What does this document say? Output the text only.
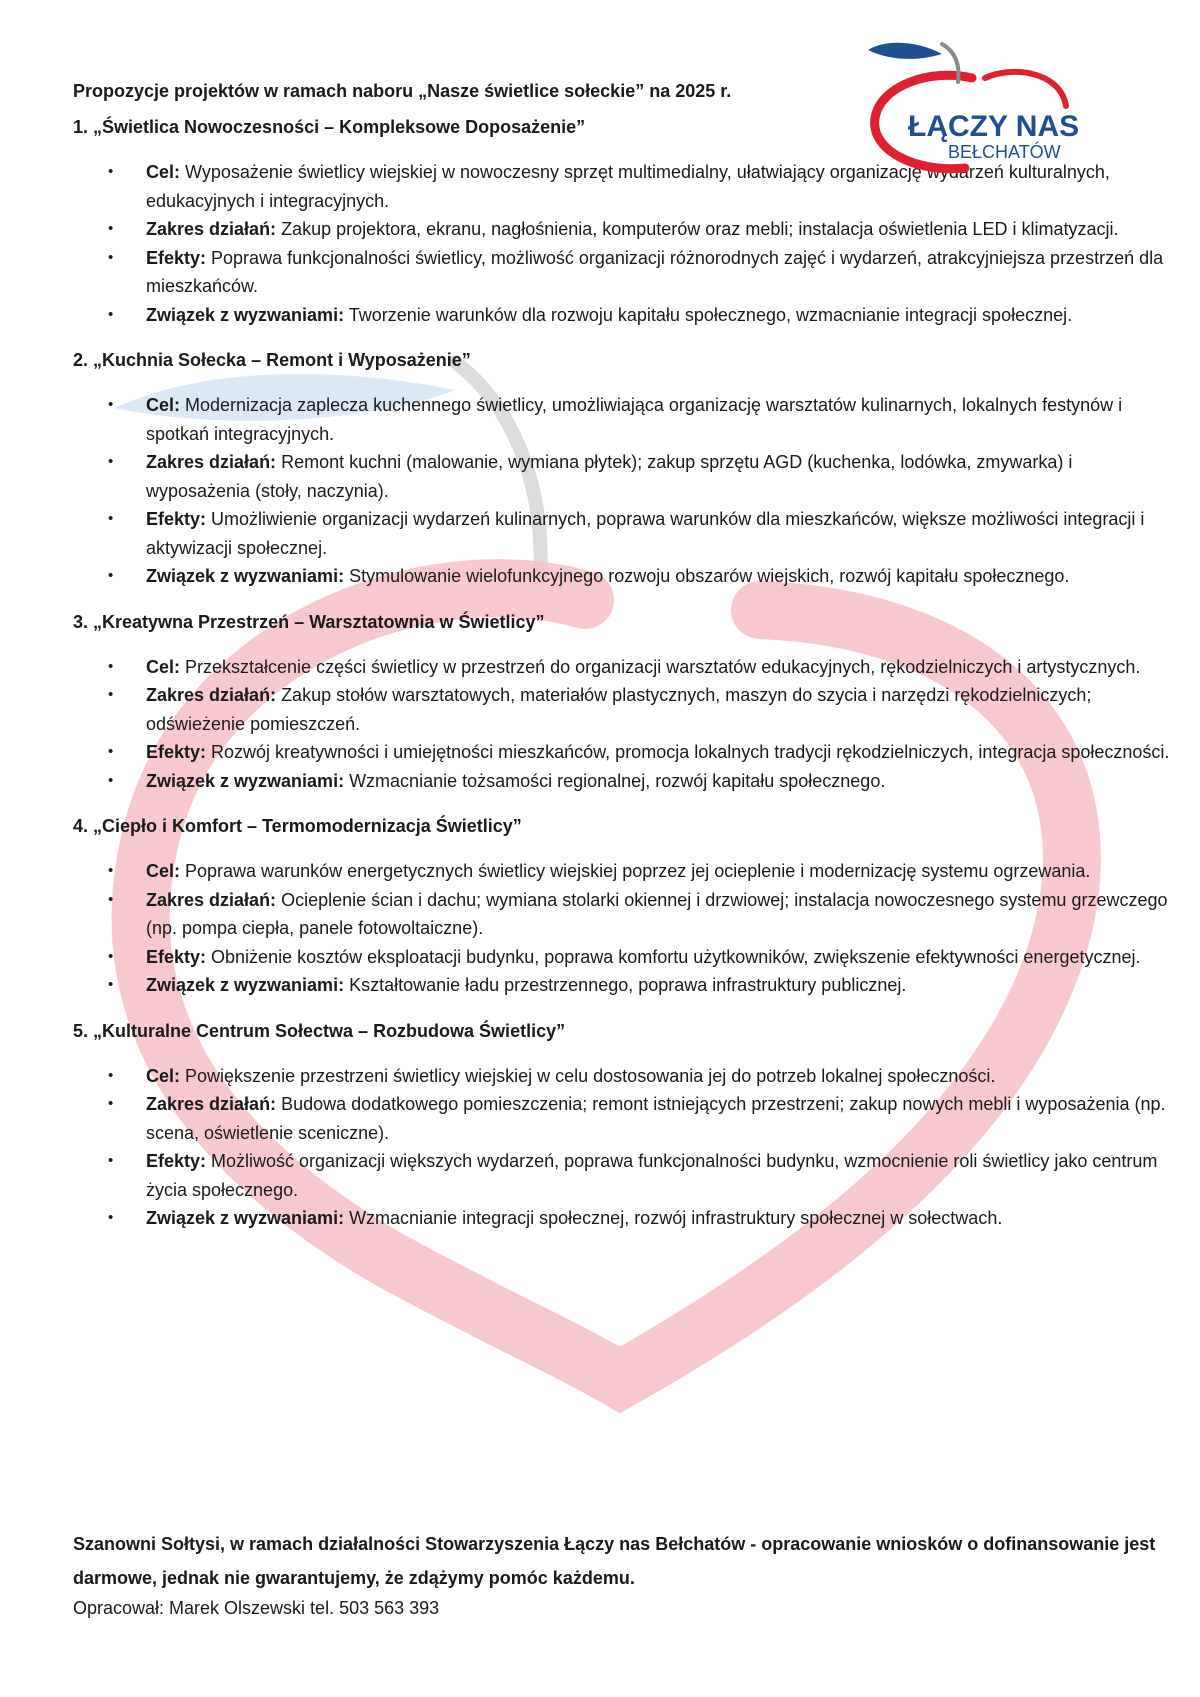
ŁĄCZY NAS
BEŁCHATÓW
Propozycje projektów w ramach naboru „Nasze świetlice sołeckie” na 2025 r.
1. „Świetlica Nowoczesności – Kompleksowe Doposażenie”
• Cel: Wyposażenie świetlicy wiejskiej w nowoczesny sprzęt multimedialny, ułatwiający organizację wydarzeń kulturalnych, edukacyjnych i integracyjnych.
• Zakres działań: Zakup projektora, ekranu, nagłośnienia, komputerów oraz mebli; instalacja oświetlenia LED i klimatyzacji.
• Efekty: Poprawa funkcjonalności świetlicy, możliwość organizacji różnorodnych zajęć i wydarzeń, atrakcyjniejsza przestrzeń dla mieszkańców.
• Związek z wyzwaniami: Tworzenie warunków dla rozwoju kapitału społecznego, wzmacnianie integracji społecznej.
2. „Kuchnia Sołecka – Remont i Wyposażenie”
• Cel: Modernizacja zaplecza kuchennego świetlicy, umożliwiająca organizację warsztatów kulinarnych, lokalnych festynów i spotkań integracyjnych.
• Zakres działań: Remont kuchni (malowanie, wymiana płytek); zakup sprzętu AGD (kuchenka, lodówka, zmywarka) i wyposażenia (stoły, naczynia).
• Efekty: Umożliwienie organizacji wydarzeń kulinarnych, poprawa warunków dla mieszkańców, większe możliwości integracji i aktywizacji społecznej.
• Związek z wyzwaniami: Stymulowanie wielofunkcyjnego rozwoju obszarów wiejskich, rozwój kapitału społecznego.
3. „Kreatywna Przestrzeń – Warsztatownia w Świetlicy”
• Cel: Przekształcenie części świetlicy w przestrzeń do organizacji warsztatów edukacyjnych, rękodzielniczych i artystycznych.
• Zakres działań: Zakup stołów warsztatowych, materiałów plastycznych, maszyn do szycia i narzędzi rękodzielniczych; odświeżenie pomieszczeń.
• Efekty: Rozwój kreatywności i umiejętności mieszkańców, promocja lokalnych tradycji rękodzielniczych, integracja społeczności.
• Związek z wyzwaniami: Wzmacnianie tożsamości regionalnej, rozwój kapitału społecznego.
4. „Ciepło i Komfort – Termomodernizacja Świetlicy”
• Cel: Poprawa warunków energetycznych świetlicy wiejskiej poprzez jej ocieplenie i modernizację systemu ogrzewania.
• Zakres działań: Ocieplenie ścian i dachu; wymiana stolarki okiennej i drzwiowej; instalacja nowoczesnego systemu grzewczego (np. pompa ciepła, panele fotowoltaiczne).
• Efekty: Obniżenie kosztów eksploatacji budynku, poprawa komfortu użytkowników, zwiększenie efektywności energetycznej.
• Związek z wyzwaniami: Kształtowanie ładu przestrzennego, poprawa infrastruktury publicznej.
5. „Kulturalne Centrum Sołectwa – Rozbudowa Świetlicy”
• Cel: Powiększenie przestrzeni świetlicy wiejskiej w celu dostosowania jej do potrzeb lokalnej społeczności.
• Zakres działań: Budowa dodatkowego pomieszczenia; remont istniejących przestrzeni; zakup nowych mebli i wyposażenia (np. scena, oświetlenie sceniczne).
• Efekty: Możliwość organizacji większych wydarzeń, poprawa funkcjonalności budynku, wzmocnienie roli świetlicy jako centrum życia społecznego.
• Związek z wyzwaniami: Wzmacnianie integracji społecznej, rozwój infrastruktury społecznej w sołectwach.
Szanowni Sołtysi, w ramach działalności Stowarzyszenia Łączy nas Bełchatów - opracowanie wniosków o dofinansowanie jest darmowe, jednak nie gwarantujemy, że zdążymy pomóc każdemu.
Opracował: Marek Olszewski tel. 503 563 393
